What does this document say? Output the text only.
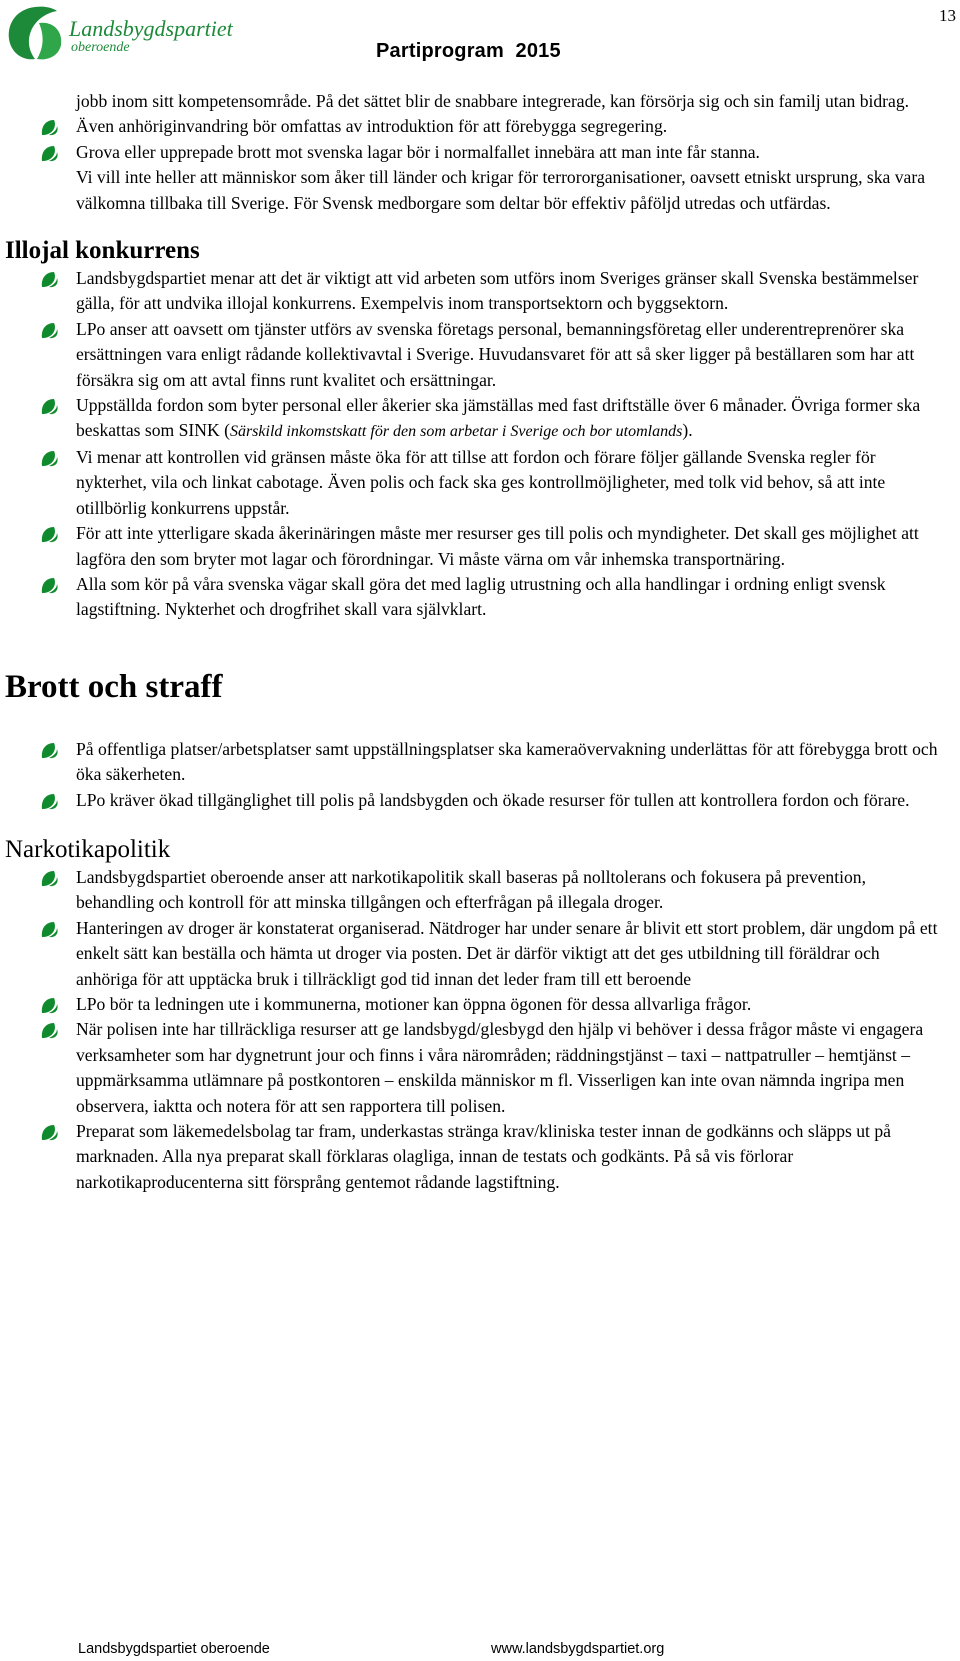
Landsbygdspartiet
oberoende
13
Partiprogram  2015
jobb inom sitt kompetensområde. På det sättet blir de snabbare integrerade, kan försörja sig och sin familj utan bidrag.
Även anhöriginvandring bör omfattas av introduktion för att förebygga segregering.
Grova eller upprepade brott mot svenska lagar bör i normalfallet innebära att man inte får stanna.
Vi vill inte heller att människor som åker till länder och krigar för terrororganisationer, oavsett etniskt ursprung, ska vara välkomna tillbaka till Sverige. För Svensk medborgare som deltar bör effektiv påföljd utredas och utfärdas.
Illojal konkurrens
Landsbygdspartiet menar att det är viktigt att vid arbeten som utförs inom Sveriges gränser skall Svenska bestämmelser gälla, för att undvika illojal konkurrens. Exempelvis inom transportsektorn och byggsektorn.
LPo anser att oavsett om tjänster utförs av svenska företags personal, bemanningsföretag eller underentreprenörer ska ersättningen vara enligt rådande kollektivavtal i Sverige. Huvudansvaret för att så sker ligger på beställaren som har att försäkra sig om att avtal finns runt kvalitet och ersättningar.
Uppställda fordon som byter personal eller åkerier ska jämställas med fast driftställe över 6 månader. Övriga former ska beskattas som SINK (Särskild inkomstskatt för den som arbetar i Sverige och bor utomlands).
Vi menar att kontrollen vid gränsen måste öka för att tillse att fordon och förare följer gällande Svenska regler för nykterhet, vila och linkat cabotage. Även polis och fack ska ges kontrollmöjligheter, med tolk vid behov, så att inte otillbörlig konkurrens uppstår.
För att inte ytterligare skada åkerinäringen måste mer resurser ges till polis och myndigheter. Det skall ges möjlighet att lagföra den som bryter mot lagar och förordningar. Vi måste värna om vår inhemska transportnäring.
Alla som kör på våra svenska vägar skall göra det med laglig utrustning och alla handlingar i ordning enligt svensk lagstiftning. Nykterhet och drogfrihet skall vara självklart.
Brott och straff
På offentliga platser/arbetsplatser samt uppställningsplatser ska kameraövervakning underlättas för att förebygga brott och öka säkerheten.
LPo kräver ökad tillgänglighet till polis på landsbygden och ökade resurser för tullen att kontrollera fordon och förare.
Narkotikapolitik
Landsbygdspartiet oberoende anser att narkotikapolitik skall baseras på nolltolerans och fokusera på prevention, behandling och kontroll för att minska tillgången och efterfrågan på illegala droger.
Hanteringen av droger är konstaterat organiserad. Nätdroger har under senare år blivit ett stort problem, där ungdom på ett enkelt sätt kan beställa och hämta ut droger via posten. Det är därför viktigt att det ges utbildning till föräldrar och anhöriga för att upptäcka bruk i tillräckligt god tid innan det leder fram till ett beroende
LPo bör ta ledningen ute i kommunerna, motioner kan öppna ögonen för dessa allvarliga frågor.
När polisen inte har tillräckliga resurser att ge landsbygd/glesbygd den hjälp vi behöver i dessa frågor måste vi engagera verksamheter som har dygnetrunt jour och finns i våra närområden; räddningstjänst – taxi – nattpatruller – hemtjänst – uppmärksamma utlämnare på postkontoren – enskilda människor m fl. Visserligen kan inte ovan nämnda ingripa men observera, iaktta och notera för att sen rapportera till polisen.
Preparat som läkemedelsbolag tar fram, underkastas stränga krav/kliniska tester innan de godkänns och släpps ut på marknaden. Alla nya preparat skall förklaras olagliga, innan de testats och godkänts. På så vis förlorar narkotikaproducenterna sitt försprång gentemot rådande lagstiftning.
Landsbygdspartiet oberoende	www.landsbygdspartiet.org
